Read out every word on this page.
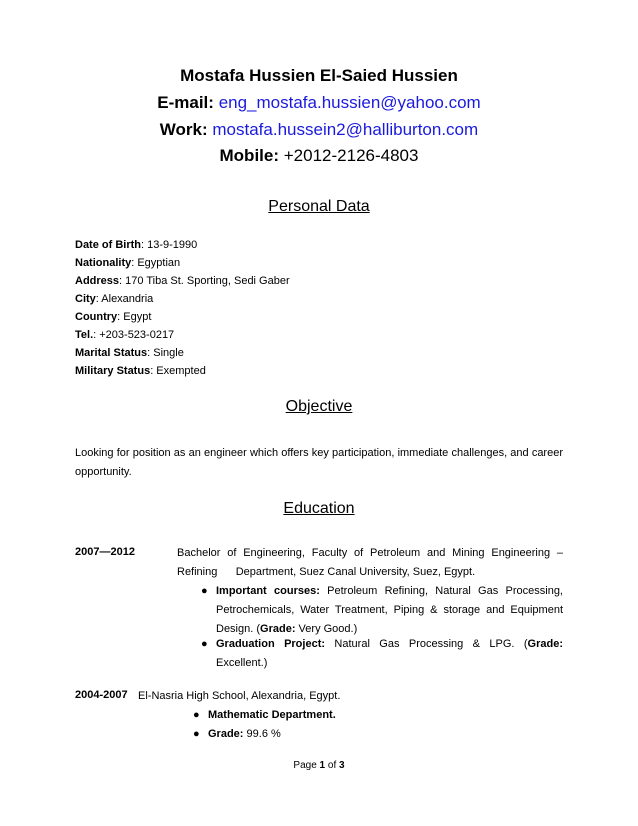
Mostafa Hussien El-Saied Hussien
E-mail: eng_mostafa.hussien@yahoo.com
Work: mostafa.hussein2@halliburton.com
Mobile: +2012-2126-4803
Personal Data
Date of Birth: 13-9-1990
Nationality: Egyptian
Address: 170 Tiba St. Sporting, Sedi Gaber
City: Alexandria
Country: Egypt
Tel.: +203-523-0217
Marital Status: Single
Military Status: Exempted
Objective
Looking for position as an engineer which offers key participation, immediate challenges, and career opportunity.
Education
2007—2012	Bachelor of Engineering, Faculty of Petroleum and Mining Engineering –
Refining      Department, Suez Canal University, Suez, Egypt.
● Important courses: Petroleum Refining, Natural Gas Processing, Petrochemicals, Water Treatment, Piping & storage and Equipment Design. (Grade: Very Good.)
● Graduation Project: Natural Gas Processing & LPG. (Grade: Excellent.)
2004-2007 El-Nasria High School, Alexandria, Egypt.
● Mathematic Department.
● Grade: 99.6 %
Page 1 of 3
